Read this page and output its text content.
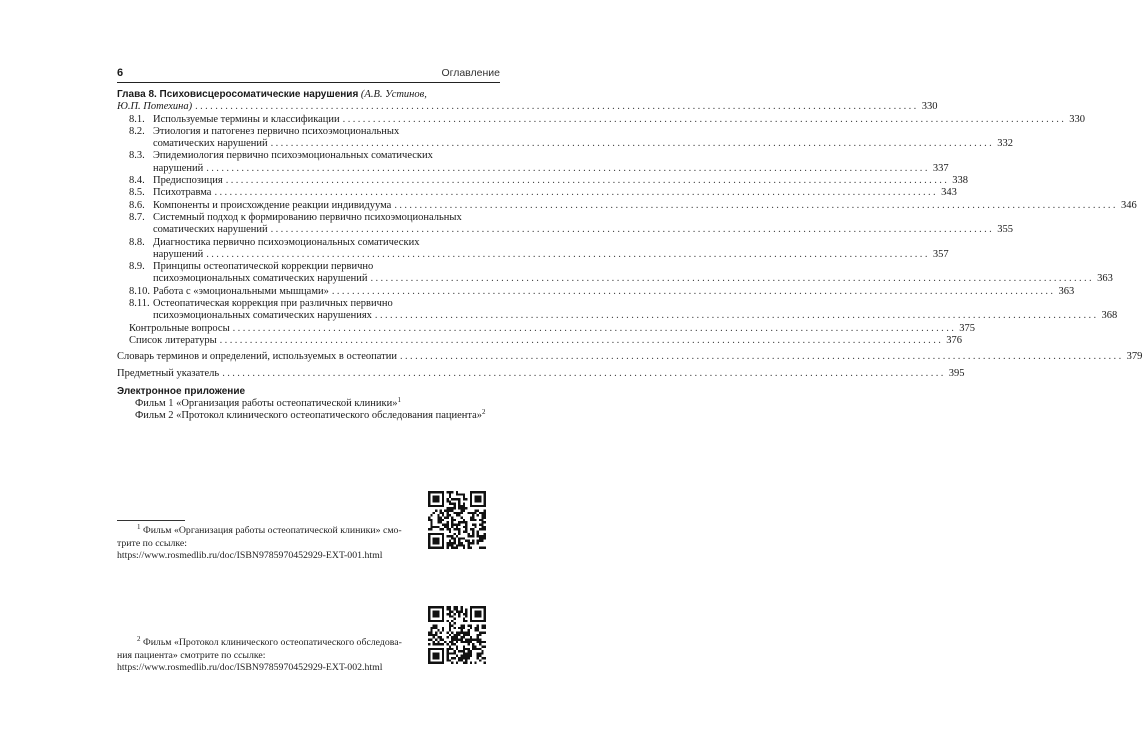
6	Оглавление
Глава 8. Психовисцеросоматические нарушения (А.В. Устинов,
Ю.П. Потехина) .....	330
8.1. Используемые термины и классификации .....	330
8.2. Этиология и патогенез первично психоэмоциональных
соматических нарушений .....	332
8.3. Эпидемиология первично психоэмоциональных соматических
нарушений .....	337
8.4. Предиспозиция .....	338
8.5. Психотравма .....	343
8.6. Компоненты и происхождение реакции индивидуума .....	346
8.7. Системный подход к формированию первично психоэмоциональных
соматических нарушений .....	355
8.8. Диагностика первично психоэмоциональных соматических
нарушений .....	357
8.9. Принципы остеопатической коррекции первично
психоэмоциональных соматических нарушений .....	363
8.10. Работа с «эмоциональными мышцами» .....	363
8.11. Остеопатическая коррекция при различных первично
психоэмоциональных соматических нарушениях .....	368
Контрольные вопросы .....	375
Список литературы .....	376
Словарь терминов и определений, используемых в остеопатии .....	379
Предметный указатель .....	395
Электронное приложение
Фильм 1 «Организация работы остеопатической клиники»$^1$
Фильм 2 «Протокол клинического остеопатического обследования пациента»$^2$
$^1$ Фильм «Организация работы остеопатической клиники» смо-
трите по ссылке:
https://www.rosmedlib.ru/doc/ISBN9785970452929-EXT-001.html
$^2$ Фильм «Протокол клинического остеопатического обследова-
ния пациента» смотрите по ссылке:
https://www.rosmedlib.ru/doc/ISBN9785970452929-EXT-002.html
